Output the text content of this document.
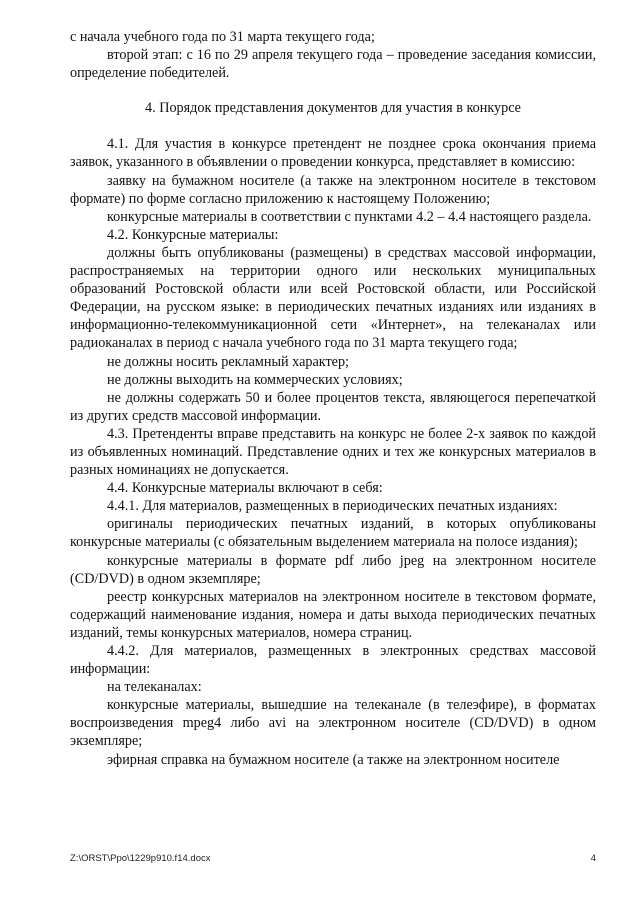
с начала учебного года по 31 марта текущего года;

второй этап: с 16 по 29 апреля текущего года – проведение заседания комиссии, определение победителей.

4. Порядок представления документов для участия в конкурсе

4.1. Для участия в конкурсе претендент не позднее срока окончания приема заявок, указанного в объявлении о проведении конкурса, представляет в комиссию:

заявку на бумажном носителе (а также на электронном носителе в текстовом формате) по форме согласно приложению к настоящему Положению;

конкурсные материалы в соответствии с пунктами 4.2 – 4.4 настоящего раздела.

4.2. Конкурсные материалы:

должны быть опубликованы (размещены) в средствах массовой информации, распространяемых на территории одного или нескольких муниципальных образований Ростовской области или всей Ростовской области, или Российской Федерации, на русском языке: в периодических печатных изданиях или изданиях в информационно-телекоммуникационной сети «Интернет», на телеканалах или радиоканалах в период с начала учебного года по 31 марта текущего года;

не должны носить рекламный характер;

не должны выходить на коммерческих условиях;

не должны содержать 50 и более процентов текста, являющегося перепечаткой из других средств массовой информации.

4.3. Претенденты вправе представить на конкурс не более 2-х заявок по каждой из объявленных номинаций. Представление одних и тех же конкурсных материалов в разных номинациях не допускается.

4.4. Конкурсные материалы включают в себя:

4.4.1. Для материалов, размещенных в периодических печатных изданиях:

оригиналы периодических печатных изданий, в которых опубликованы конкурсные материалы (с обязательным выделением материала на полосе издания);

конкурсные материалы в формате pdf либо jpeg на электронном носителе (CD/DVD) в одном экземпляре;

реестр конкурсных материалов на электронном носителе в текстовом формате, содержащий наименование издания, номера и даты выхода периодических печатных изданий, темы конкурсных материалов, номера страниц.

4.4.2. Для материалов, размещенных в электронных средствах массовой информации:

на телеканалах:

конкурсные материалы, вышедшие на телеканале (в телеэфире), в форматах воспроизведения mpeg4 либо avi на электронном носителе (CD/DVD) в одном экземпляре;

эфирная справка на бумажном носителе (а также на электронном носителе

Z:\ORST\Ppo\1229p910.f14.docx	4
